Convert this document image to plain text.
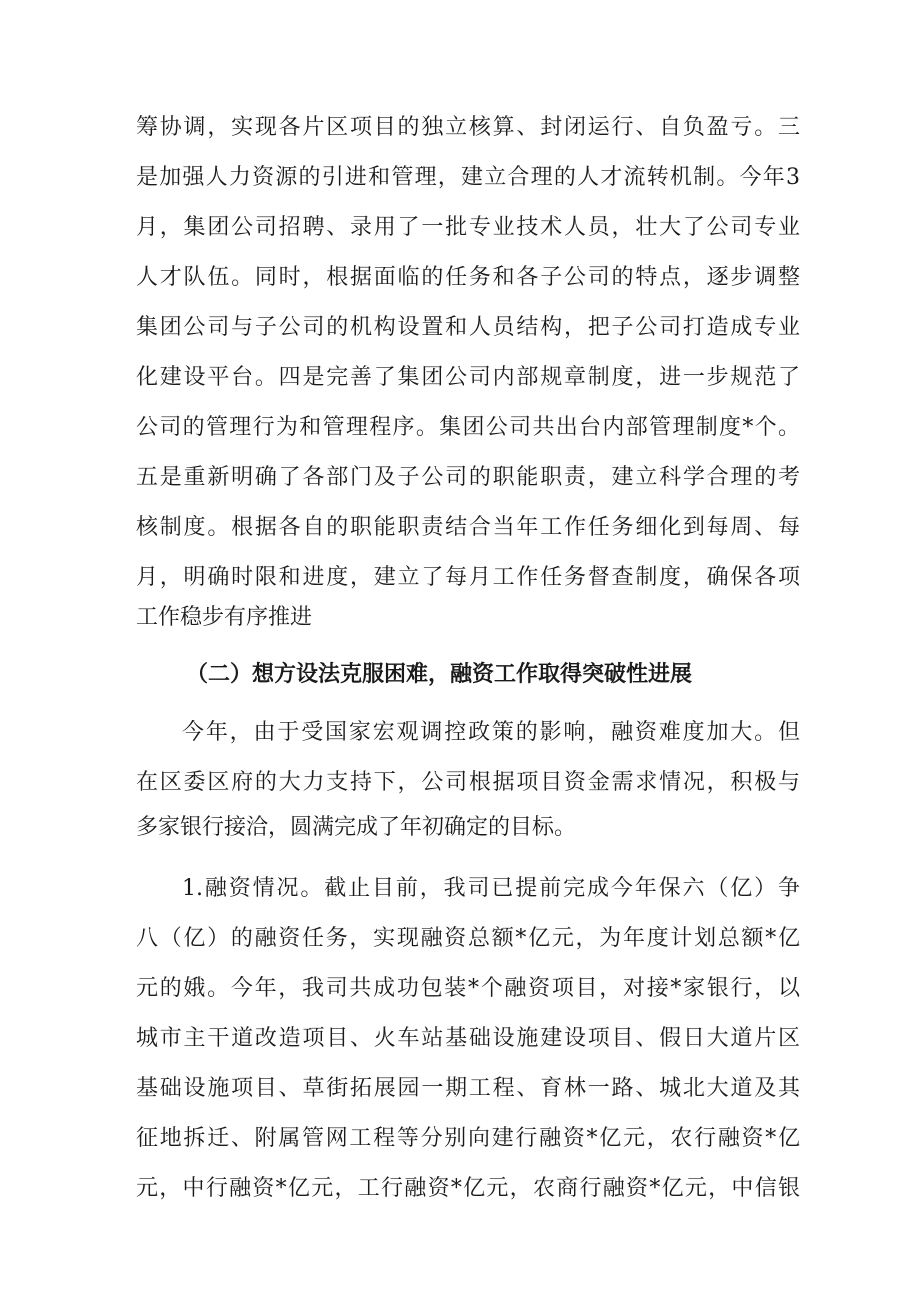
筹协调，实现各片区项目的独立核算、封闭运行、自负盈亏。三
是加强人力资源的引进和管理，建立合理的人才流转机制。今年3
月，集团公司招聘、录用了一批专业技术人员，壮大了公司专业
人才队伍。同时，根据面临的任务和各子公司的特点，逐步调整
集团公司与子公司的机构设置和人员结构，把子公司打造成专业
化建设平台。四是完善了集团公司内部规章制度，进一步规范了
公司的管理行为和管理程序。集团公司共出台内部管理制度*个。
五是重新明确了各部门及子公司的职能职责，建立科学合理的考
核制度。根据各自的职能职责结合当年工作任务细化到每周、每
月，明确时限和进度，建立了每月工作任务督查制度，确保各项
工作稳步有序推进
（二）想方设法克服困难，融资工作取得突破性进展
今年，由于受国家宏观调控政策的影响，融资难度加大。但
在区委区府的大力支持下，公司根据项目资金需求情况，积极与
多家银行接洽，圆满完成了年初确定的目标。
1.融资情况。截止目前，我司已提前完成今年保六（亿）争
八（亿）的融资任务，实现融资总额*亿元，为年度计划总额*亿
元的娥。今年，我司共成功包装*个融资项目，对接*家银行，以
城市主干道改造项目、火车站基础设施建设项目、假日大道片区
基础设施项目、草街拓展园一期工程、育林一路、城北大道及其
征地拆迁、附属管网工程等分别向建行融资*亿元，农行融资*亿
元，中行融资*亿元，工行融资*亿元，农商行融资*亿元，中信银
